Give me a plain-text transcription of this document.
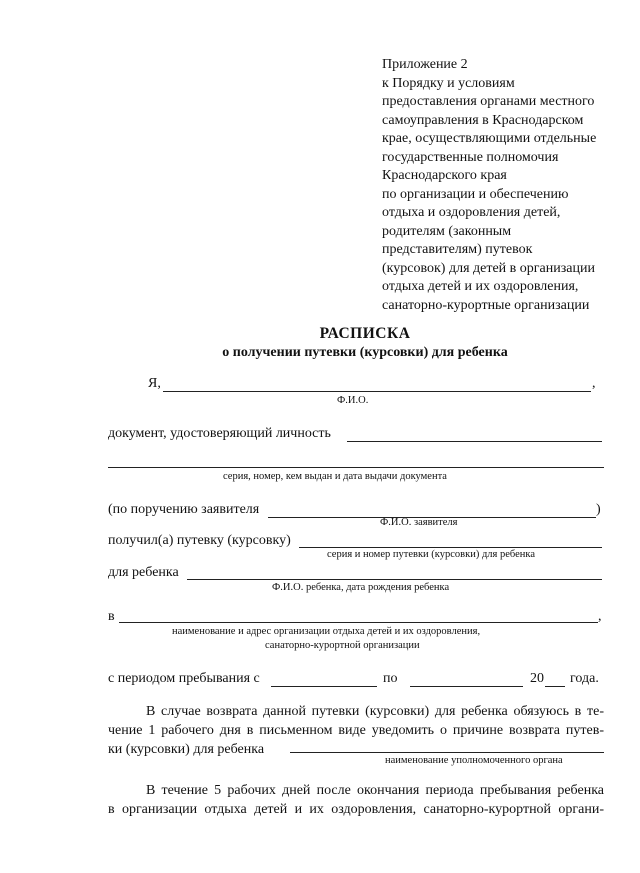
Приложение 2
к Порядку и условиям
предоставления органами местного
самоуправления в Краснодарском
крае, осуществляющими отдельные
государственные полномочия
Краснодарского края
по организации и обеспечению
отдыха и оздоровления детей,
родителям (законным
представителям) путевок
(курсовок) для детей в организации
отдыха детей и их оздоровления,
санаторно-курортные организации
РАСПИСКА
о получении путевки (курсовки) для ребенка
Я,	,
Ф.И.О.
документ, удостоверяющий личность
серия, номер, кем выдан и дата выдачи документа
(по поручению заявителя	)
Ф.И.О. заявителя
получил(а) путевку (курсовку)
серия и номер путевки (курсовки) для ребенка
для ребенка
Ф.И.О. ребенка, дата рождения ребенка
в	,
наименование и адрес организации отдыха детей и их оздоровления,
санаторно-курортной организации
с периодом пребывания с	по	20 года.
В случае возврата данной путевки (курсовки) для ребенка обязуюсь в те-
чение 1 рабочего дня в письменном виде уведомить о причине возврата путев-
ки (курсовки) для ребенка
наименование уполномоченного органа
В течение 5 рабочих дней после окончания периода пребывания ребенка
в организации отдыха детей и их оздоровления, санаторно-курортной органи-
